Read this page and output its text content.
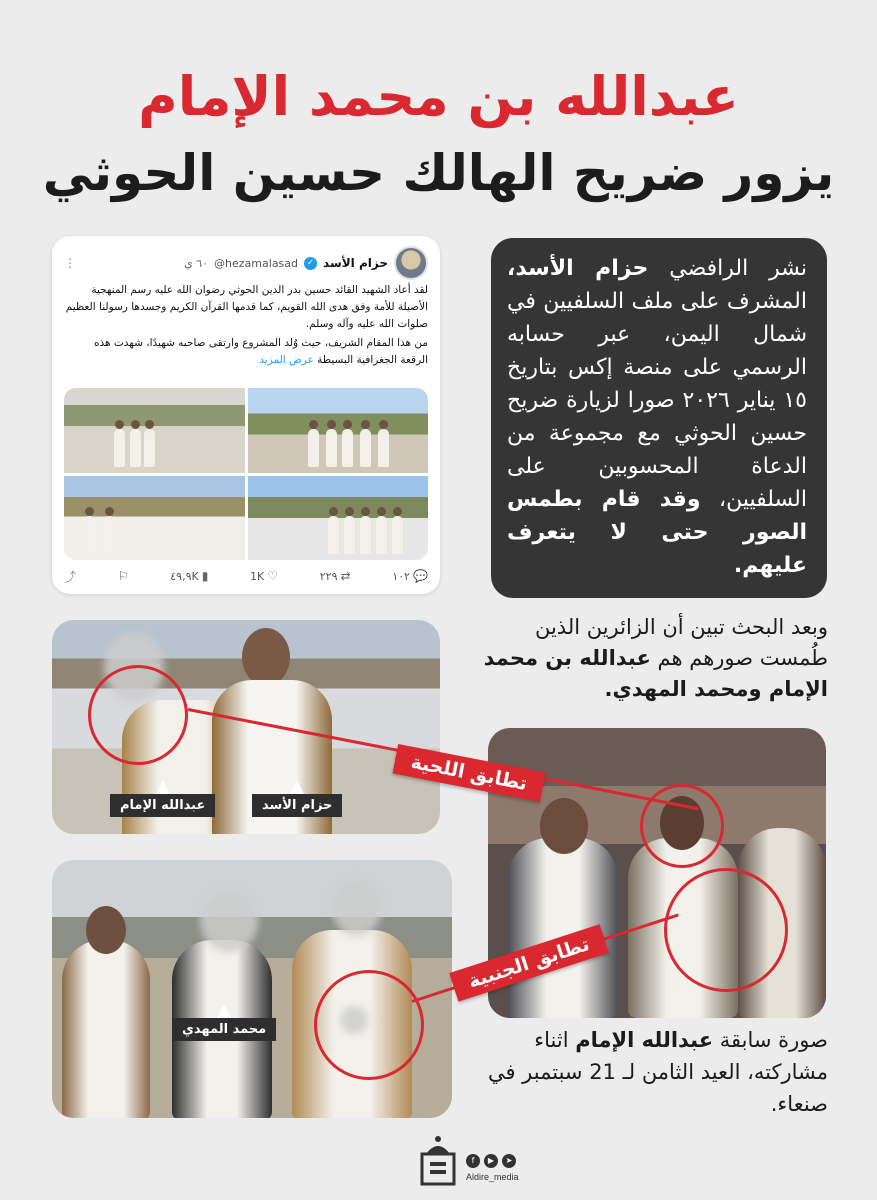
عبدالله بن محمد الإمام
يزور ضريح الهالك حسين الحوثي
حزام الأسد
✓
@hezamalasad
٦٠ ي
⋮

لقد أعاد الشهيد القائد حسين بدر الدين الحوثي رضوان الله عليه رسم المنهجية الأصيلة للأمة وفق هدى الله القويم، كما قدمها القرآن الكريم وجسدها رسولنا العظيم صلوات الله عليه وآله وسلم.

من هذا المقام الشريف، حيث وُلد المشروع وارتقى صاحبه شهيدًا، شهدت هذه الرقعة الجغرافية البسيطة عرض المزيد

💬
١٠٢
⇄
٢٢٩
♡
1K
▮
٤٩,٩K
⚐
⤴
نشر الرافضي حزام الأسد، المشرف على ملف السلفيين في شمال اليمن، عبر حسابه الرسمي على منصة إكس بتاريخ ١٥ يناير ٢٠٢٦ صورا لزيارة ضريح حسين الحوثي مع مجموعة من الدعاة المحسوبين على السلفيين، وقد قام بطمس الصور حتى لا يتعرف عليهم.
وبعد البحث تبين أن الزائرين الذين طُمست صورهم هم عبدالله بن محمد الإمام ومحمد المهدي.
عبدالله الإمام	حزام الأسد
محمد المهدي
تطابق اللحية
تطابق الجنبية
صورة سابقة عبدالله الإمام اثناء مشاركته، العيد الثامن لـ 21 سبتمبر في صنعاء.
f	▶	➤
Aldire_media
